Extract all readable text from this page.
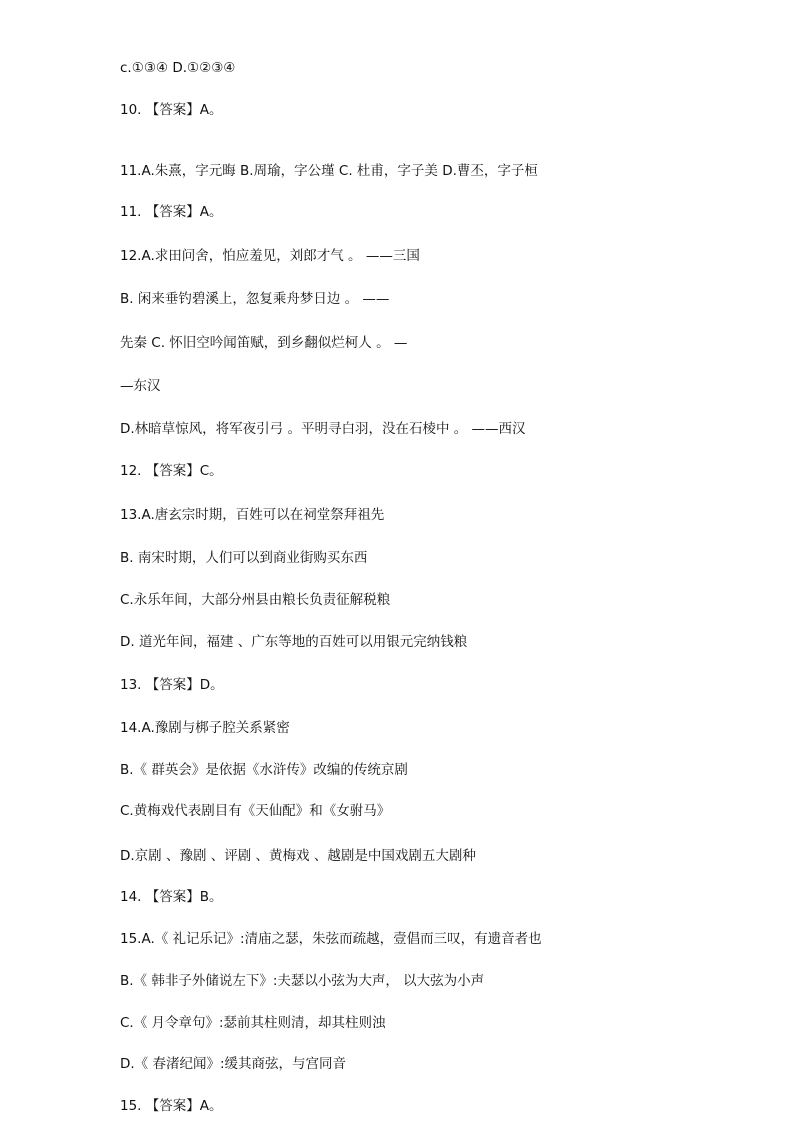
c.①③④ D.①②③④
10. 【答案】A。
11.A.朱熹，字元晦 B.周瑜，字公瑾 C. 杜甫，字子美 D.曹丕，字子桓
11. 【答案】A。
12.A.求田问舍，怕应羞见，刘郎才气 。 ——三国
B. 闲来垂钓碧溪上，忽复乘舟梦日边 。 ——
先秦 C. 怀旧空吟闻笛赋，到乡翻似烂柯人 。 —
—东汉
D.林暗草惊风，将军夜引弓 。平明寻白羽，没在石棱中 。 ——西汉
12. 【答案】C。
13.A.唐玄宗时期，百姓可以在祠堂祭拜祖先
B. 南宋时期，人们可以到商业街购买东西
C.永乐年间，大部分州县由粮长负责征解税粮
D. 道光年间，福建 、广东等地的百姓可以用银元完纳钱粮
13. 【答案】D。
14.A.豫剧与梆子腔关系紧密
B.《 群英会》是依据《水浒传》改编的传统京剧
C.黄梅戏代表剧目有《天仙配》和《女驸马》
D.京剧 、豫剧 、评剧 、黄梅戏 、越剧是中国戏剧五大剧种
14. 【答案】B。
15.A.《 礼记乐记》:清庙之瑟，朱弦而疏越，壹倡而三叹，有遗音者也
B.《 韩非子外储说左下》:夫瑟以小弦为大声， 以大弦为小声
C.《 月令章句》:瑟前其柱则清，却其柱则浊
D.《 春渚纪闻》:缓其商弦，与宫同音
15. 【答案】A。
